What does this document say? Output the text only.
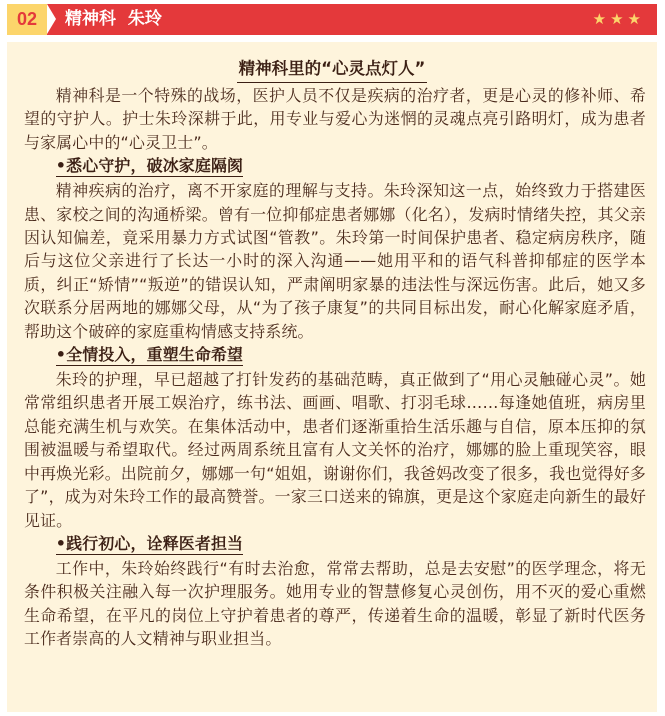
02	精神科  朱玲	★★★
精神科里的“心灵点灯人”

精神科是一个特殊的战场，医护人员不仅是疾病的治疗者，更是心灵的修补师、希望的守护人。护士朱玲深耕于此，用专业与爱心为迷惘的灵魂点亮引路明灯，成为患者与家属心中的“心灵卫士”。

•悉心守护，破冰家庭隔阂

精神疾病的治疗，离不开家庭的理解与支持。朱玲深知这一点，始终致力于搭建医患、家校之间的沟通桥梁。曾有一位抑郁症患者娜娜（化名），发病时情绪失控，其父亲因认知偏差，竟采用暴力方式试图“管教”。朱玲第一时间保护患者、稳定病房秩序，随后与这位父亲进行了长达一小时的深入沟通——她用平和的语气科普抑郁症的医学本质，纠正“矫情”“叛逆”的错误认知，严肃阐明家暴的违法性与深远伤害。此后，她又多次联系分居两地的娜娜父母，从“为了孩子康复”的共同目标出发，耐心化解家庭矛盾，帮助这个破碎的家庭重构情感支持系统。

•全情投入，重塑生命希望

朱玲的护理，早已超越了打针发药的基础范畴，真正做到了“用心灵触碰心灵”。她常常组织患者开展工娱治疗，练书法、画画、唱歌、打羽毛球……每逢她值班，病房里总能充满生机与欢笑。在集体活动中，患者们逐渐重拾生活乐趣与自信，原本压抑的氛围被温暖与希望取代。经过两周系统且富有人文关怀的治疗，娜娜的脸上重现笑容，眼中再焕光彩。出院前夕，娜娜一句“姐姐，谢谢你们，我爸妈改变了很多，我也觉得好多了”，成为对朱玲工作的最高赞誉。一家三口送来的锦旗，更是这个家庭走向新生的最好见证。

•践行初心，诠释医者担当

工作中，朱玲始终践行“有时去治愈，常常去帮助，总是去安慰”的医学理念，将无条件积极关注融入每一次护理服务。她用专业的智慧修复心灵创伤，用不灭的爱心重燃生命希望，在平凡的岗位上守护着患者的尊严，传递着生命的温暖，彰显了新时代医务工作者崇高的人文精神与职业担当。
